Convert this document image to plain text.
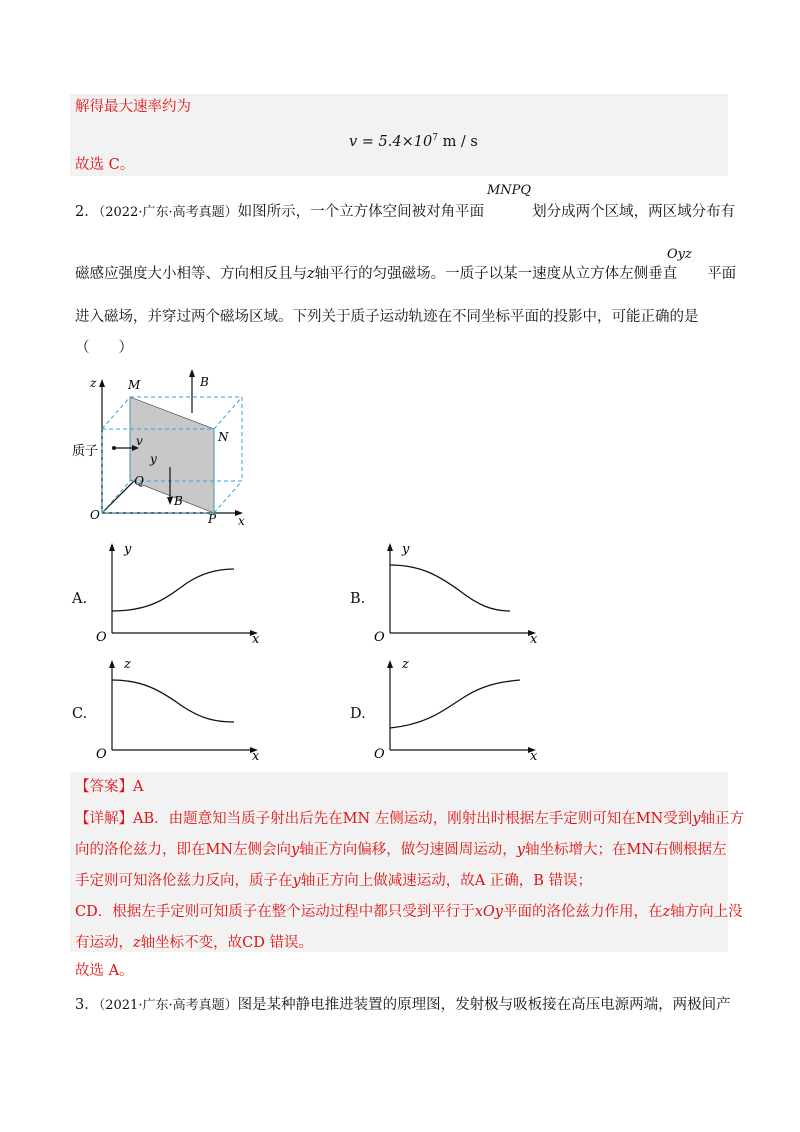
解得最大速率约为
$v = 5.4\times 10^7$ m / s
故选 C。
2．（2022·广东·高考真题）如图所示，一个立方体空间被对角平面	划分成两个区域，两区域分布有
MNPQ
磁感应强度大小相等、方向相反且与z轴平行的匀强磁场。一质子以某一速度从立方体左侧垂直 平面
Oyz
进入磁场，并穿过两个磁场区域。下列关于质子运动轨迹在不同坐标平面的投影中，可能正确的是
（　　）
z	M	B
N
质子
v
y
Q
B
O	P x
A.
y
O	x
B.
y
O	x
C.
z
O	x
D.
z
O	x
【答案】A
【详解】AB．由题意知当质子射出后先在MN 左侧运动，刚射出时根据左手定则可知在MN受到y轴正方
向的洛伦兹力，即在MN左侧会向y轴正方向偏移，做匀速圆周运动，y轴坐标增大；在MN右侧根据左
手定则可知洛伦兹力反向，质子在y轴正方向上做减速运动，故A 正确，B 错误；
CD．根据左手定则可知质子在整个运动过程中都只受到平行于xOy平面的洛伦兹力作用，在z轴方向上没
有运动，z轴坐标不变，故CD 错误。
故选 A。
3．（2021·广东·高考真题）图是某种静电推进装置的原理图，发射极与吸板接在高压电源两端，两极间产
